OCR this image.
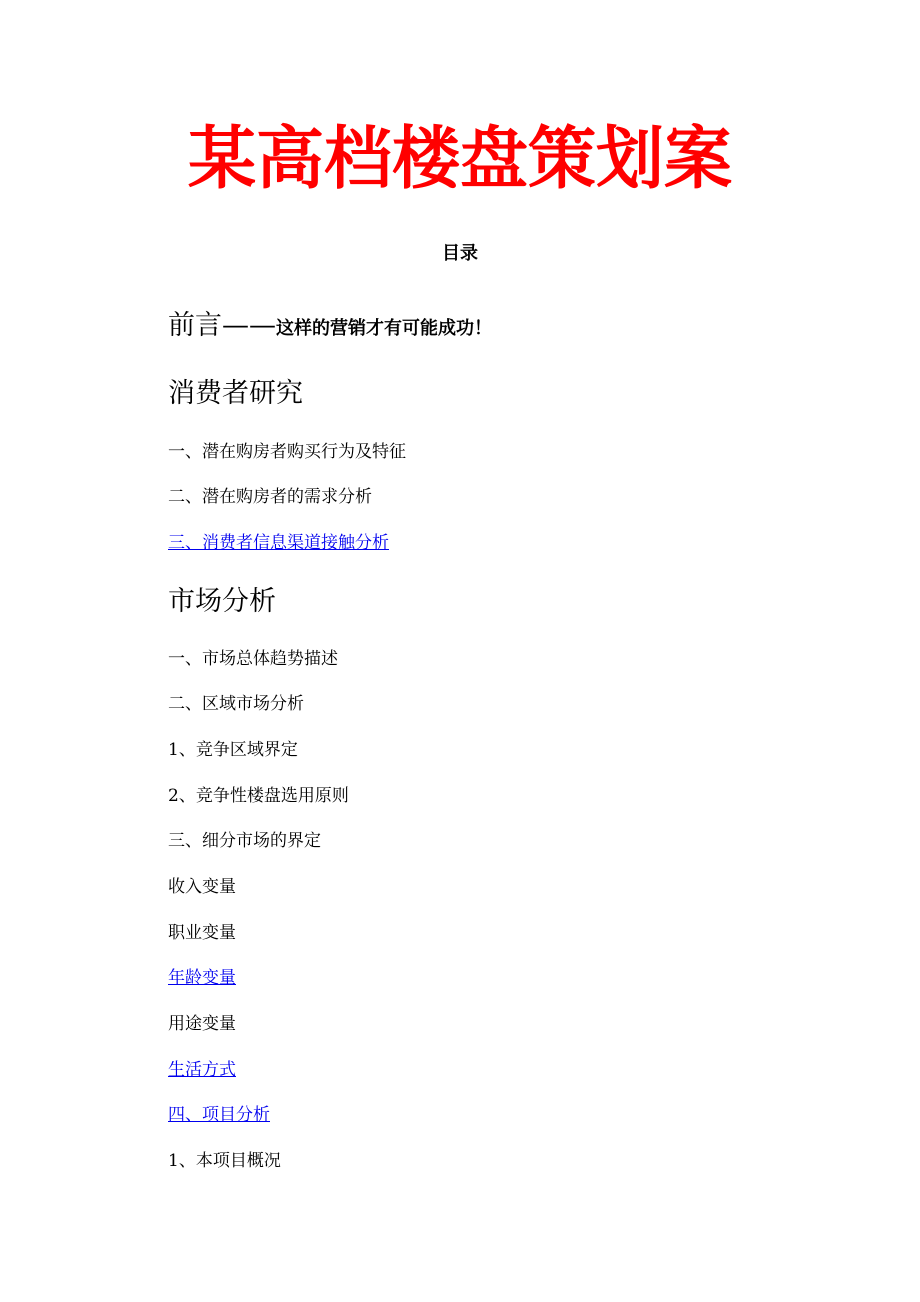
某高档楼盘策划案
目录
前言——这样的营销才有可能成功！
消费者研究
一、潜在购房者购买行为及特征
二、潜在购房者的需求分析
三、消费者信息渠道接触分析
市场分析
一、市场总体趋势描述
二、区域市场分析
1、竞争区域界定
2、竞争性楼盘选用原则
三、细分市场的界定
收入变量
职业变量
年龄变量
用途变量
生活方式
四、项目分析
1、本项目概况
